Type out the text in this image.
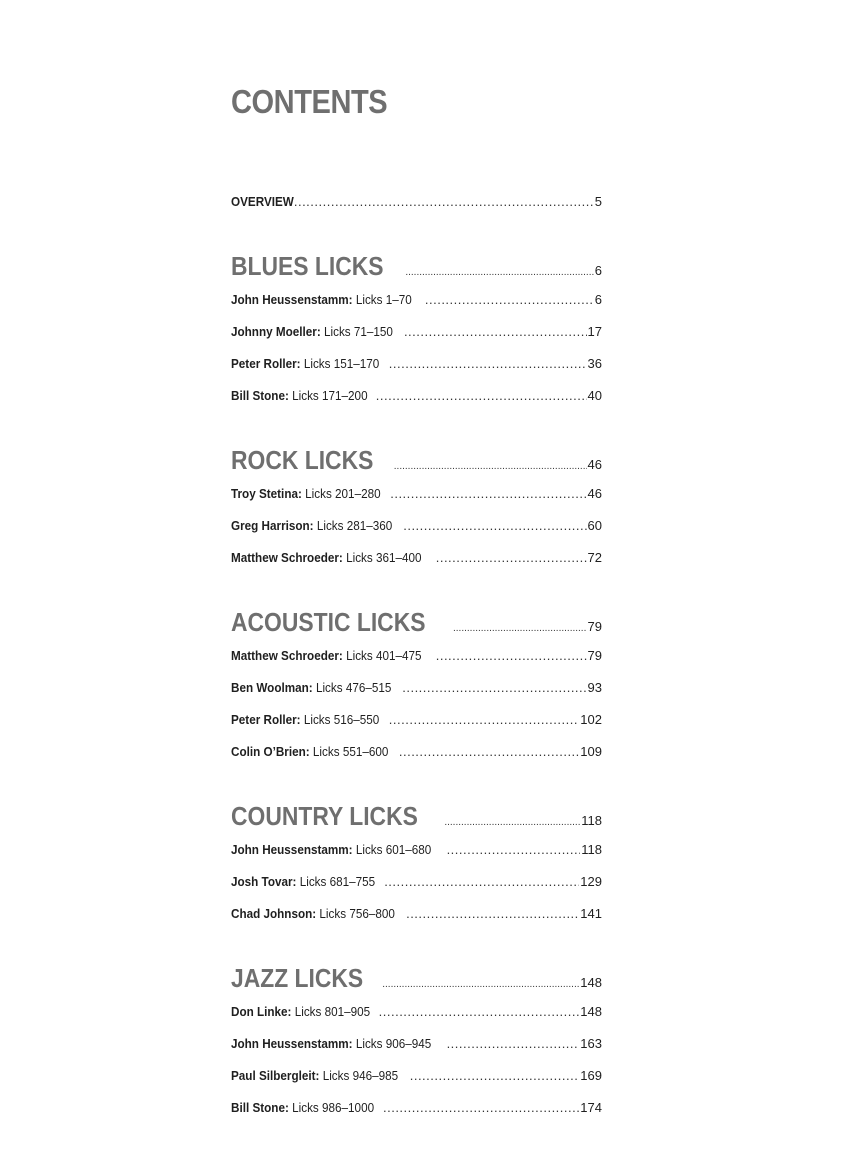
CONTENTS
OVERVIEW .....	5
BLUES LICKS .....	6
John Heussenstamm: Licks 1–70 .....	6
Johnny Moeller: Licks 71–150 .....	17
Peter Roller: Licks 151–170 .....	36
Bill Stone: Licks 171–200 .....	40
ROCK LICKS .....	46
Troy Stetina: Licks 201–280 .....	46
Greg Harrison: Licks 281–360 .....	60
Matthew Schroeder: Licks 361–400 .....	72
ACOUSTIC LICKS .....	79
Matthew Schroeder: Licks 401–475 .....	79
Ben Woolman: Licks 476–515 .....	93
Peter Roller: Licks 516–550 .....	102
Colin O’Brien: Licks 551–600 .....	109
COUNTRY LICKS .....	118
John Heussenstamm: Licks 601–680 .....	118
Josh Tovar: Licks 681–755 .....	129
Chad Johnson: Licks 756–800 .....	141
JAZZ LICKS .....	148
Don Linke: Licks 801–905 .....	148
John Heussenstamm: Licks 906–945 .....	163
Paul Silbergleit: Licks 946–985 .....	169
Bill Stone: Licks 986–1000 .....	174
